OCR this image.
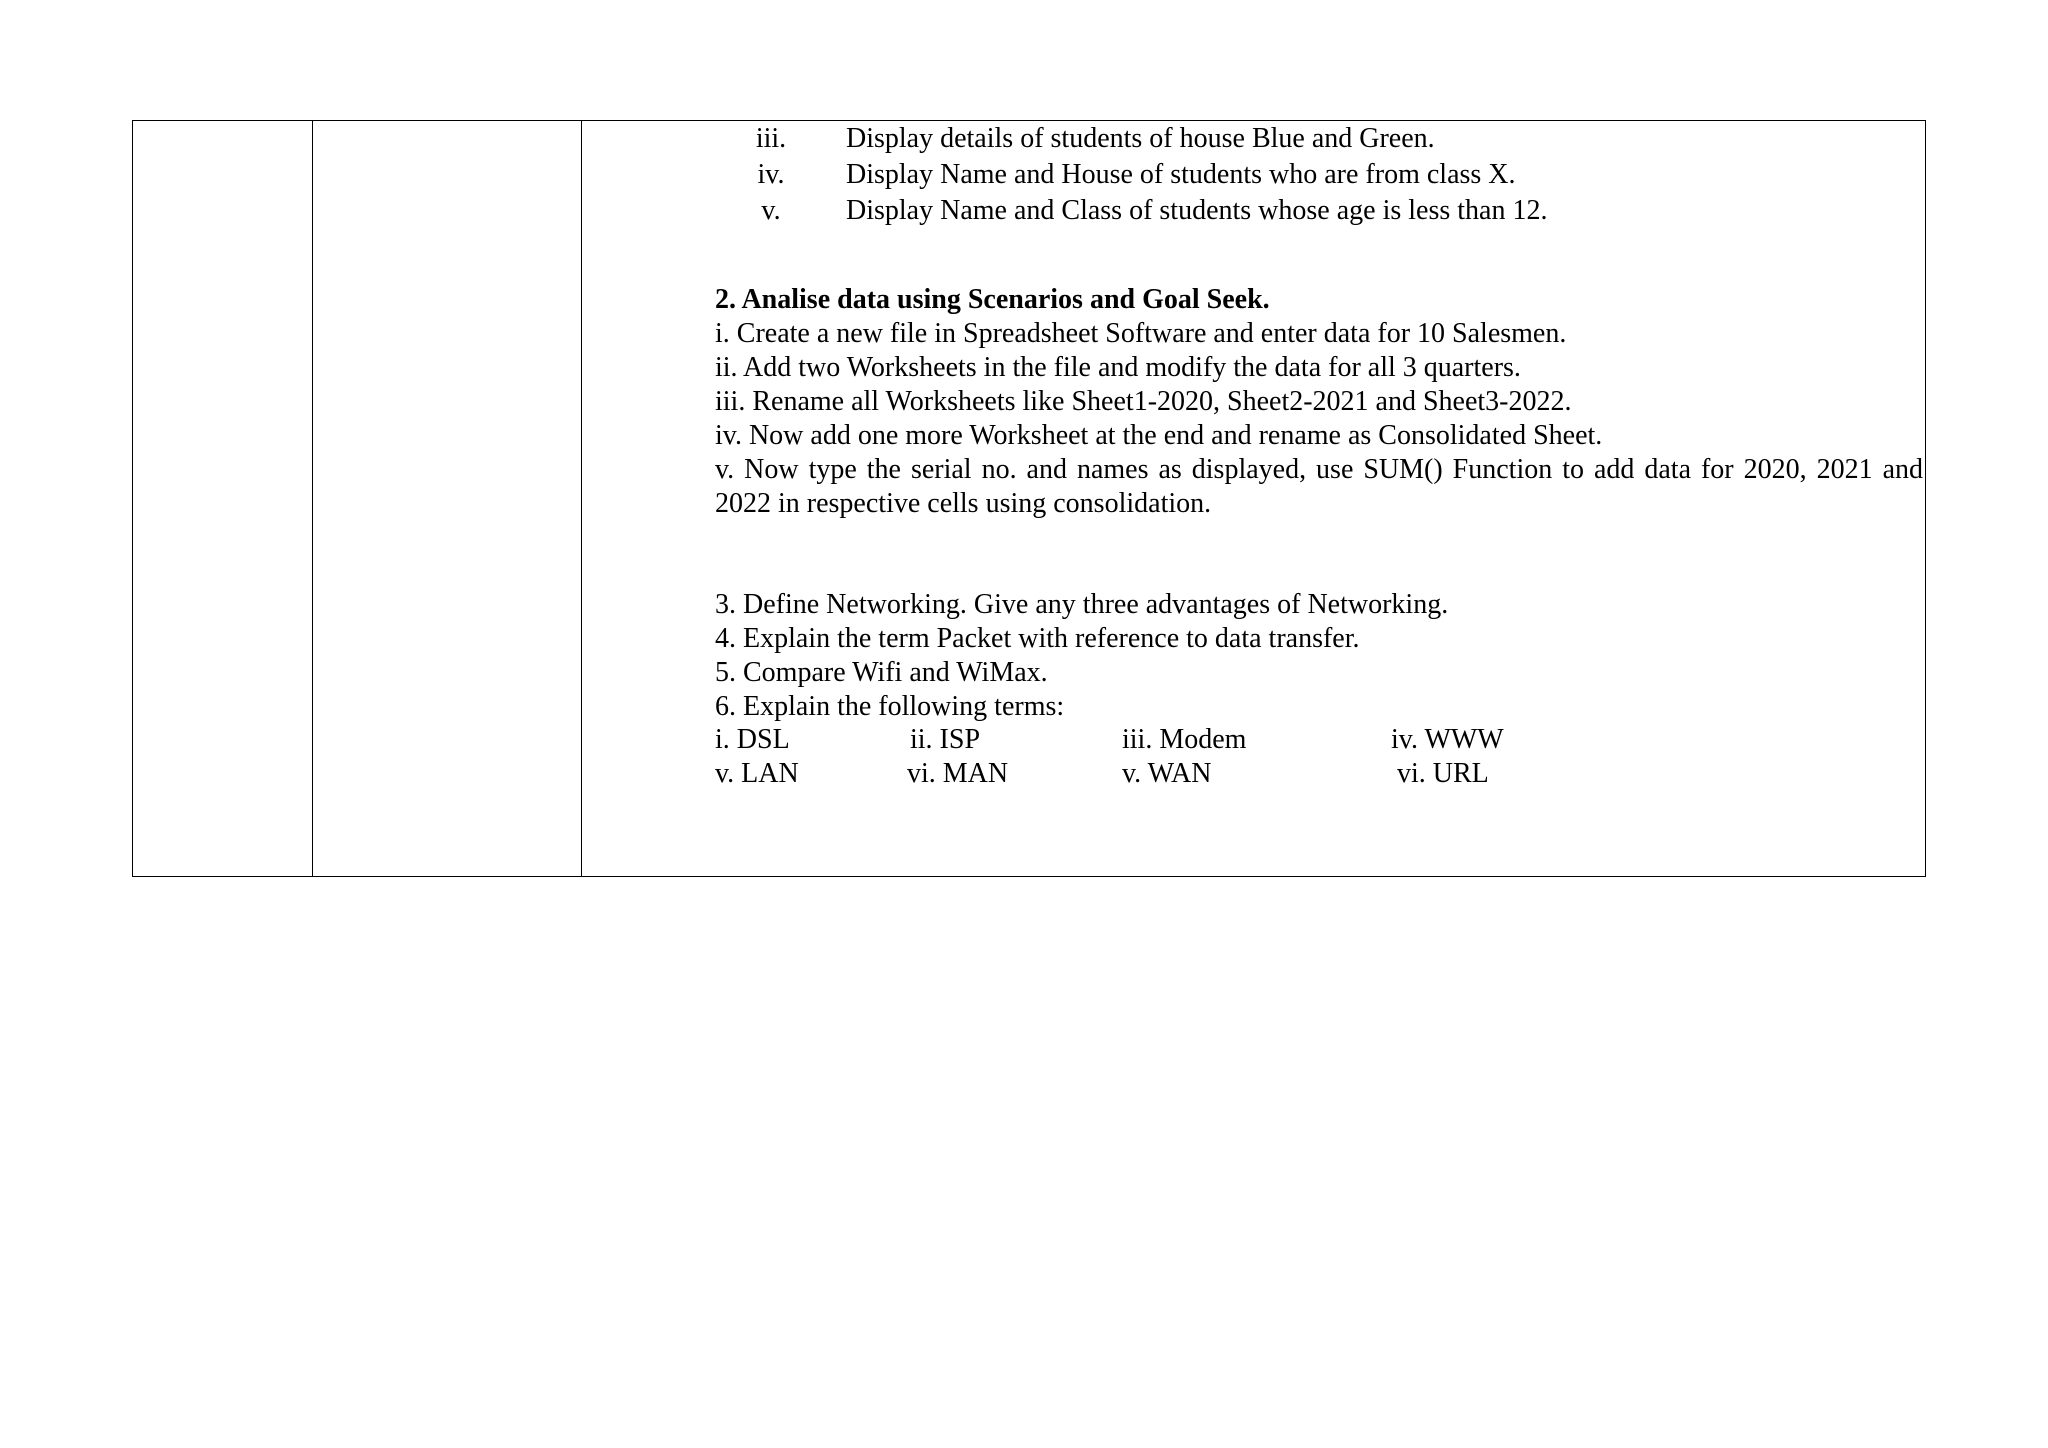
iii.	Display details of students of house Blue and Green.
iv.	Display Name and House of students who are from class X.
v.	Display Name and Class of students whose age is less than 12.
2. Analise data using Scenarios and Goal Seek.
i. Create a new file in Spreadsheet Software and enter data for 10 Salesmen.
ii. Add two Worksheets in the file and modify the data for all 3 quarters.
iii. Rename all Worksheets like Sheet1-2020, Sheet2-2021 and Sheet3-2022.
iv. Now add one more Worksheet at the end and rename as Consolidated Sheet.
v. Now type the serial no. and names as displayed, use SUM() Function to add data for 2020, 2021 and 2022 in respective cells using consolidation.
3. Define Networking. Give any three advantages of Networking.
4. Explain the term Packet with reference to data transfer.
5. Compare Wifi and WiMax.
6. Explain the following terms:
i. DSL	ii. ISP	iii. Modem	iv. WWW
v. LAN	vi. MAN	v. WAN	vi. URL
